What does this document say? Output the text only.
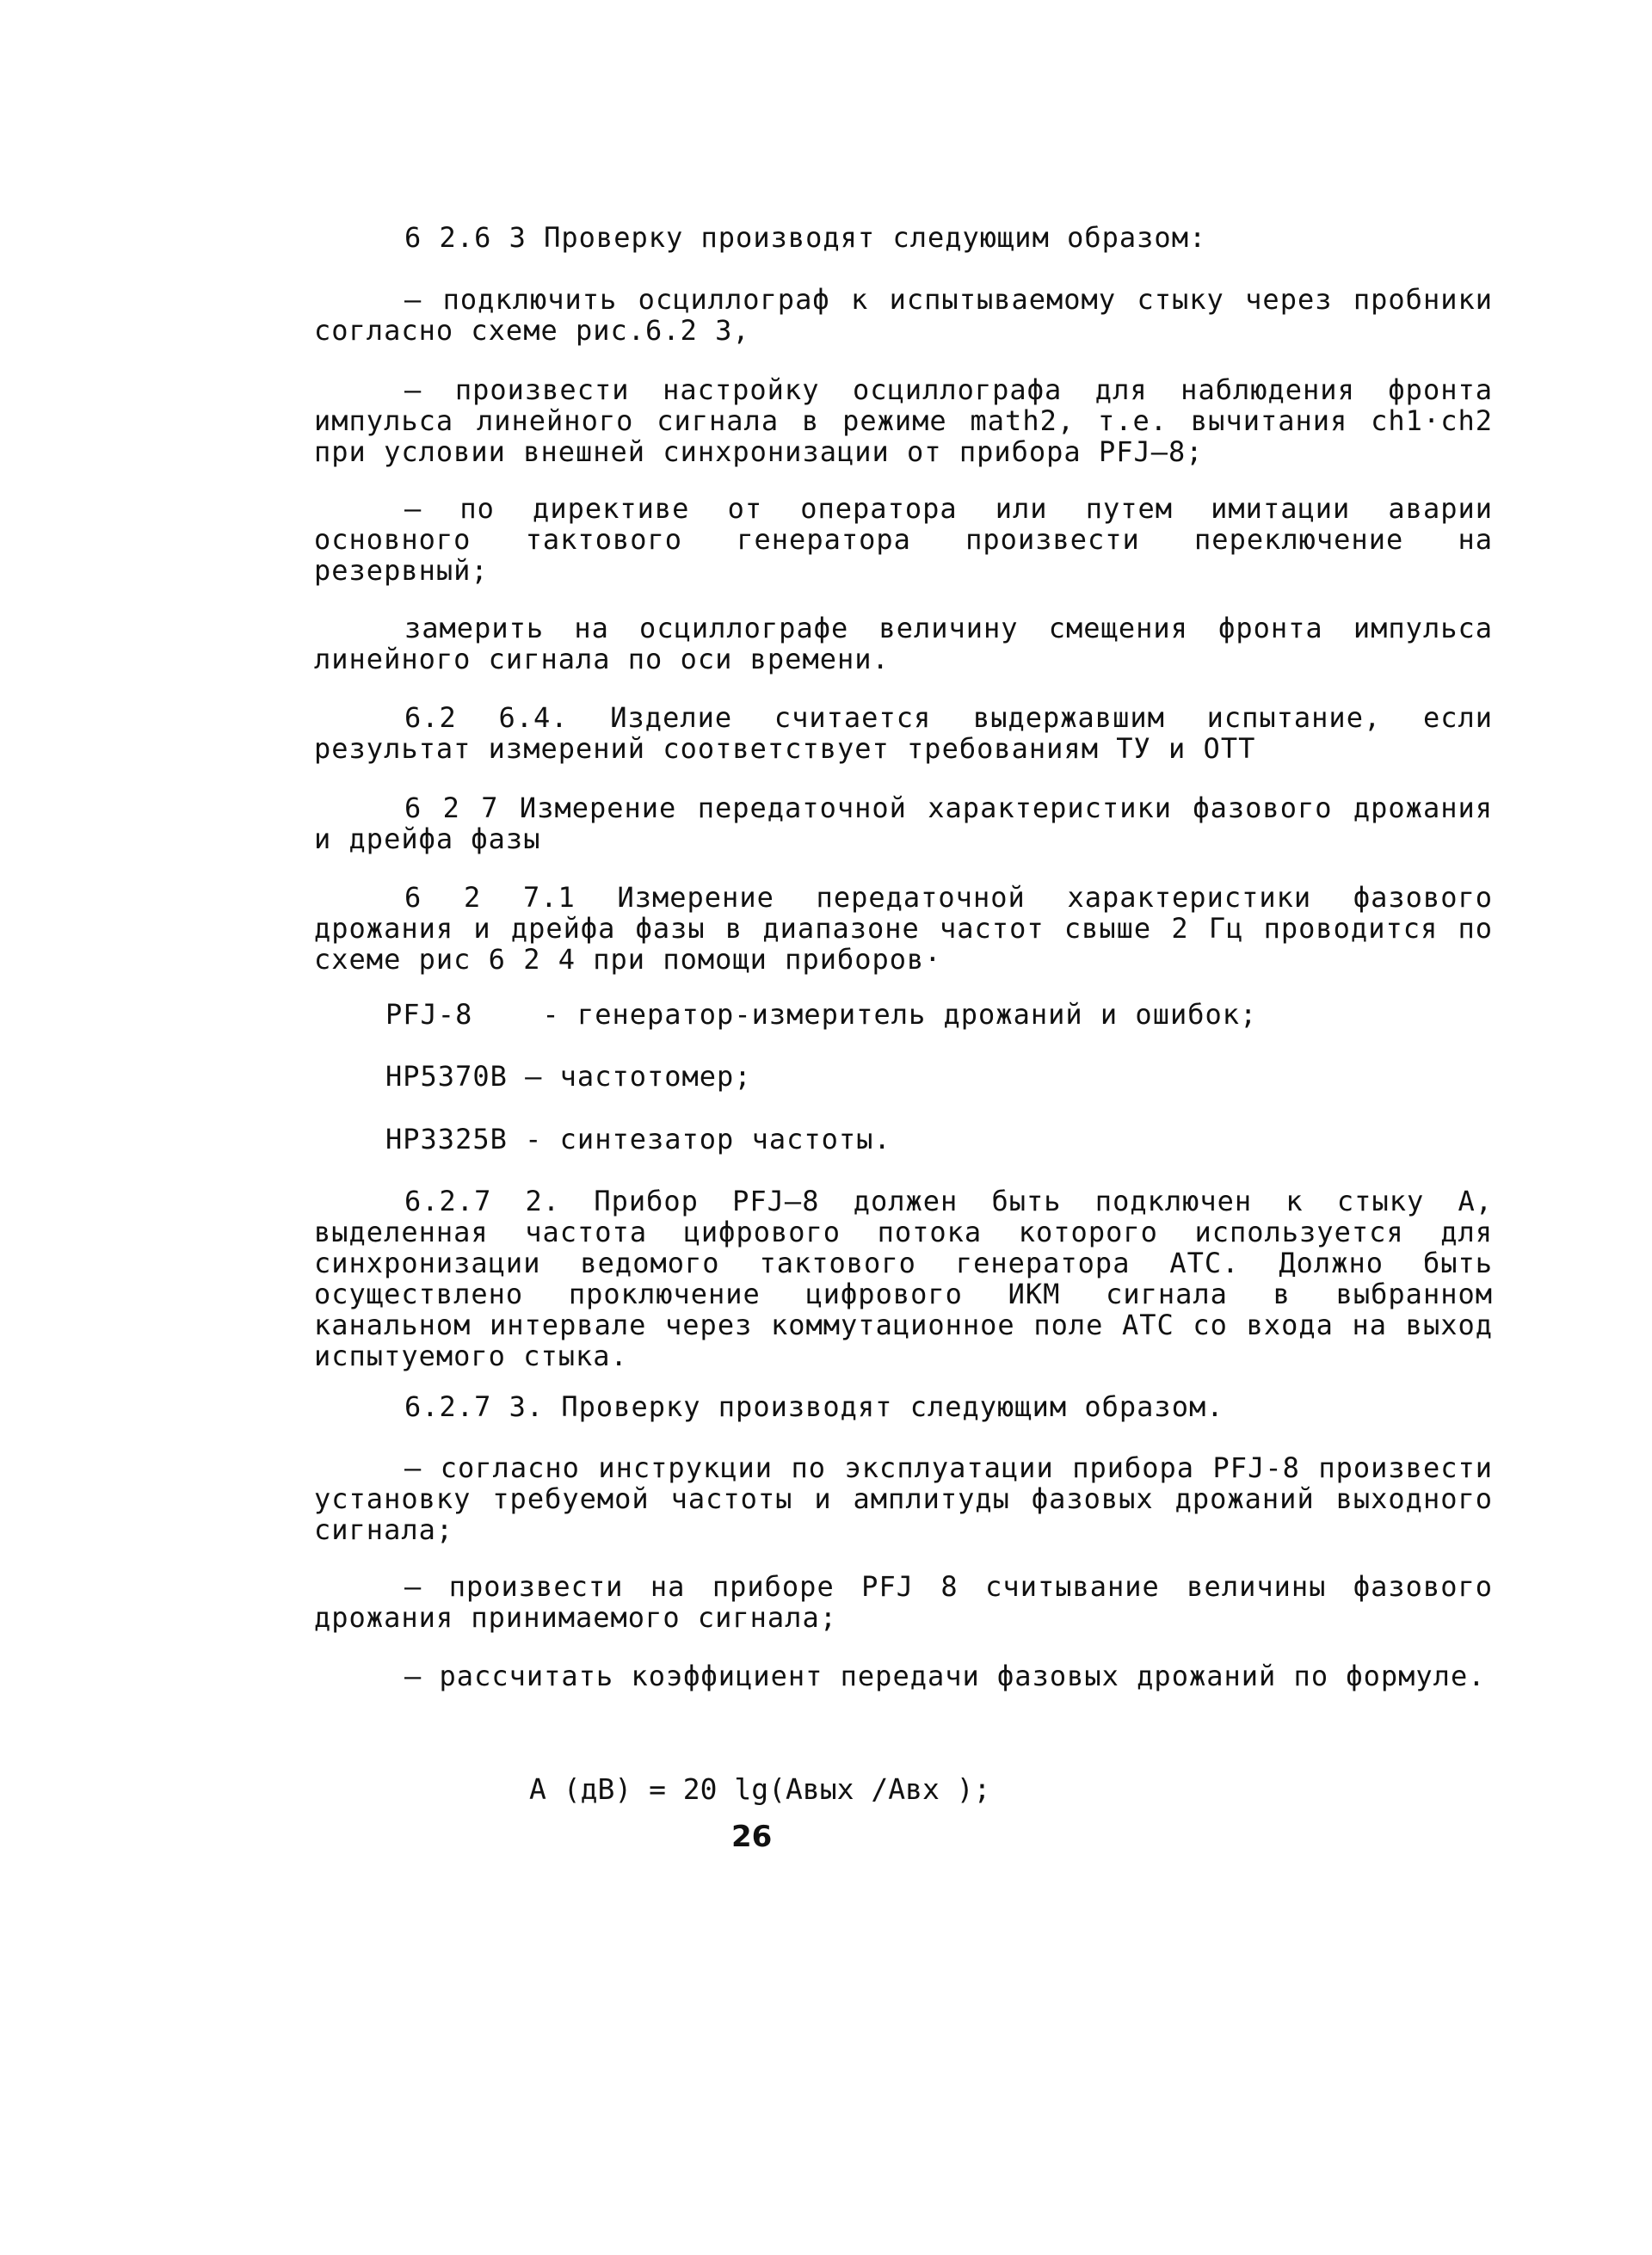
6 2.6 3 Проверку производят следующим образом:
– подключить осциллограф к испытываемому стыку через пробники согласно схеме рис.6.2 3,
– произвести настройку осциллографа для наблюдения фронта импульса линейного сигнала в режиме math2, т.е. вычитания ch1·ch2 при условии внешней синхронизации от прибора PFJ–8;
– по директиве от оператора или путем имитации аварии основного тактового генератора произвести переключение на резервный;
замерить на осциллографе величину смещения фронта импульса линейного сигнала по оси времени.
6.2 6.4. Изделие считается выдержавшим испытание, если результат измерений соответствует требованиям ТУ и ОТТ
6 2 7 Измерение передаточной характеристики фазового дрожания и дрейфа фазы
6 2 7.1 Измерение передаточной характеристики фазового дрожания и дрейфа фазы в диапазоне частот свыше 2 Гц проводится по схеме рис 6 2 4 при помощи приборов·
PFJ-8    - генератор-измеритель дрожаний и ошибок;
HP5370B – частотомер;
HP3325B - синтезатор частоты.
6.2.7 2. Прибор PFJ–8 должен быть подключен к стыку А, выделенная частота цифрового потока которого используется для синхронизации ведомого тактового генератора АТС. Должно быть осуществлено проключение цифрового ИКМ сигнала в выбранном канальном интервале через коммутационное поле АТС со входа на выход испытуемого стыка.
6.2.7 3. Проверку производят следующим образом.
– согласно инструкции по эксплуатации прибора PFJ-8 произвести установку требуемой частоты и амплитуды фазовых дрожаний выходного сигнала;
– произвести на приборе PFJ 8 считывание величины фазового дрожания принимаемого сигнала;
– рассчитать коэффициент передачи фазовых дрожаний по формуле.
А (дВ) = 20 lg(Авых /Авх );
26
